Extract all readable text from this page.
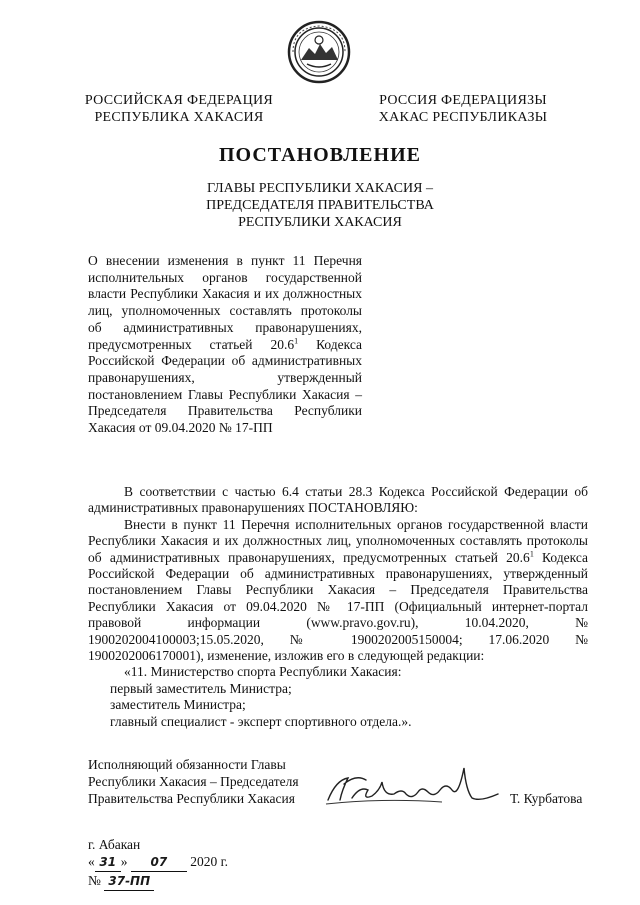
РОССИЙСКАЯ ФЕДЕРАЦИЯ
РЕСПУБЛИКА ХАКАСИЯ
РОССИЯ ФЕДЕРАЦИЯЗЫ
ХАКАС РЕСПУБЛИКАЗЫ
ПОСТАНОВЛЕНИЕ
ГЛАВЫ РЕСПУБЛИКИ ХАКАСИЯ –
ПРЕДСЕДАТЕЛЯ ПРАВИТЕЛЬСТВА
РЕСПУБЛИКИ ХАКАСИЯ
О внесении изменения в пункт 11 Перечня исполнительных органов государственной власти Республики Хакасия и их должностных лиц, уполномоченных составлять протоколы об административных правонарушениях, предусмотренных статьей 20.6$^1$ Кодекса Российской Федерации об административных правонарушениях, утвержденный постановлением Главы Республики Хакасия – Председателя Правительства Республики Хакасия от 09.04.2020 № 17-ПП

В соответствии с частью 6.4 статьи 28.3 Кодекса Российской Федерации об административных правонарушениях ПОСТАНОВЛЯЮ:

Внести в пункт 11 Перечня исполнительных органов государственной власти Республики Хакасия и их должностных лиц, уполномоченных составлять протоколы об административных правонарушениях, предусмотренных статьей 20.6$^1$ Кодекса Российской Федерации об административных правонарушениях, утвержденный постановлением Главы Республики Хакасия – Председателя Правительства Республики Хакасия от 09.04.2020 № 17-ПП (Официальный интернет-портал правовой информации (www.pravo.gov.ru), 10.04.2020, № 1900202004100003;15.05.2020, № 1900202005150004; 17.06.2020 № 1900202006170001), изменение, изложив его в следующей редакции:

«11. Министерство спорта Республики Хакасия:

первый заместитель Министра;

заместитель Министра;

главный специалист - эксперт спортивного отдела.».

Исполняющий обязанности Главы
Республики Хакасия – Председателя
Правительства Республики Хакасия	Т. Курбатова
г. Абакан
« 31 » 07 2020 г.
№ 37-ПП
